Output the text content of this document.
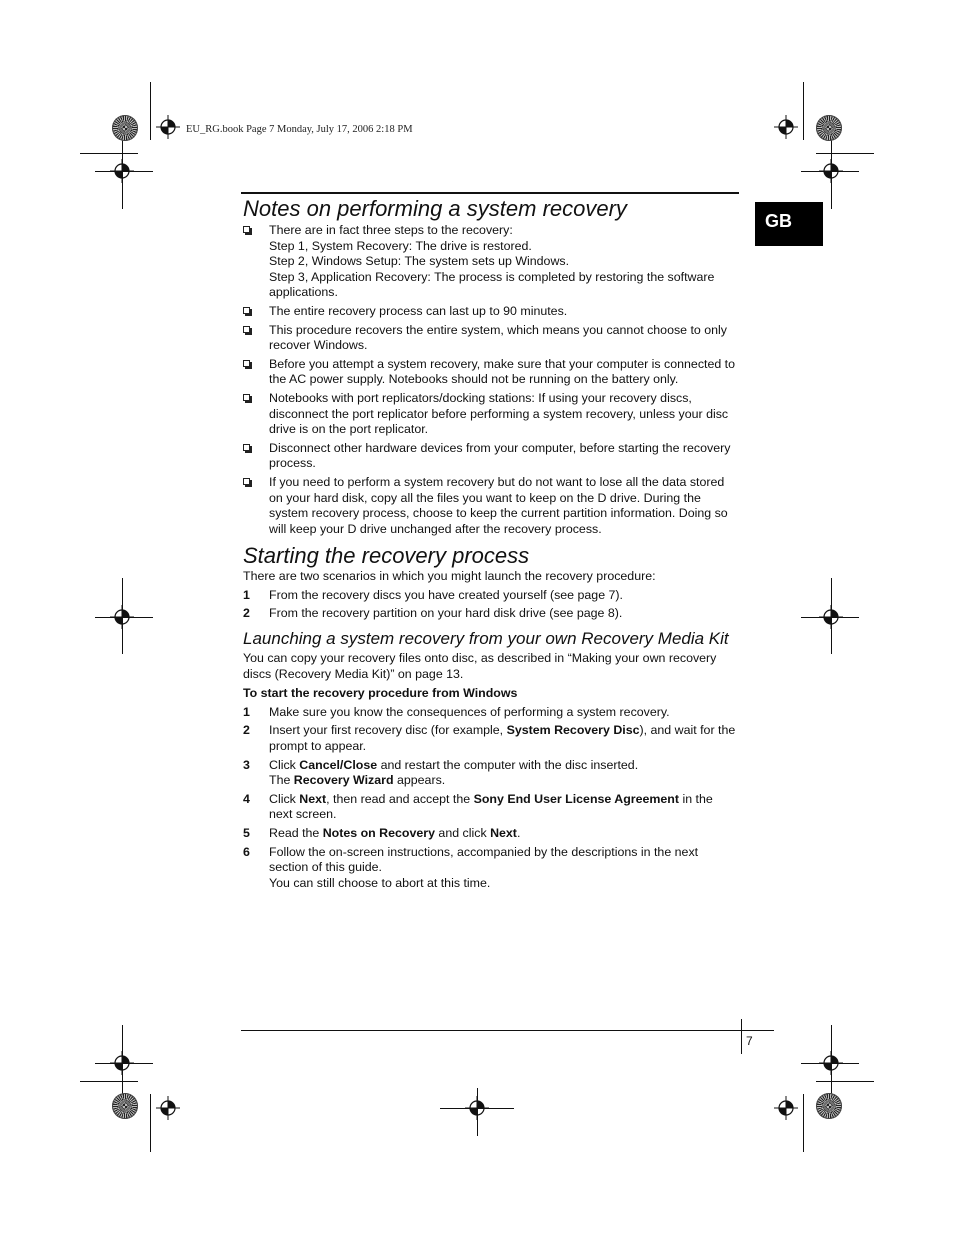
EU_RG.book Page 7 Monday, July 17, 2006 2:18 PM
GB
Notes on performing a system recovery
There are in fact three steps to the recovery:
Step 1, System Recovery: The drive is restored.
Step 2, Windows Setup: The system sets up Windows.
Step 3, Application Recovery: The process is completed by restoring the software applications.
The entire recovery process can last up to 90 minutes.
This procedure recovers the entire system, which means you cannot choose to only recover Windows.
Before you attempt a system recovery, make sure that your computer is connected to the AC power supply. Notebooks should not be running on the battery only.
Notebooks with port replicators/docking stations: If using your recovery discs, disconnect the port replicator before performing a system recovery, unless your disc drive is on the port replicator.
Disconnect other hardware devices from your computer, before starting the recovery process.
If you need to perform a system recovery but do not want to lose all the data stored on your hard disk, copy all the files you want to keep on the D drive. During the system recovery process, choose to keep the current partition information. Doing so will keep your D drive unchanged after the recovery process.
Starting the recovery process

There are two scenarios in which you might launch the recovery procedure:

1 From the recovery discs you have created yourself (see page 7).
2 From the recovery partition on your hard disk drive (see page 8).
Launching a system recovery from your own Recovery Media Kit

You can copy your recovery files onto disc, as described in “Making your own recovery discs (Recovery Media Kit)” on page 13.

To start the recovery procedure from Windows
1 Make sure you know the consequences of performing a system recovery.
2 Insert your first recovery disc (for example, System Recovery Disc), and wait for the prompt to appear.
3 Click Cancel/Close and restart the computer with the disc inserted.
The Recovery Wizard appears.
4 Click Next, then read and accept the Sony End User License Agreement in the next screen.
5 Read the Notes on Recovery and click Next.
6 Follow the on-screen instructions, accompanied by the descriptions in the next section of this guide.
You can still choose to abort at this time.
7
